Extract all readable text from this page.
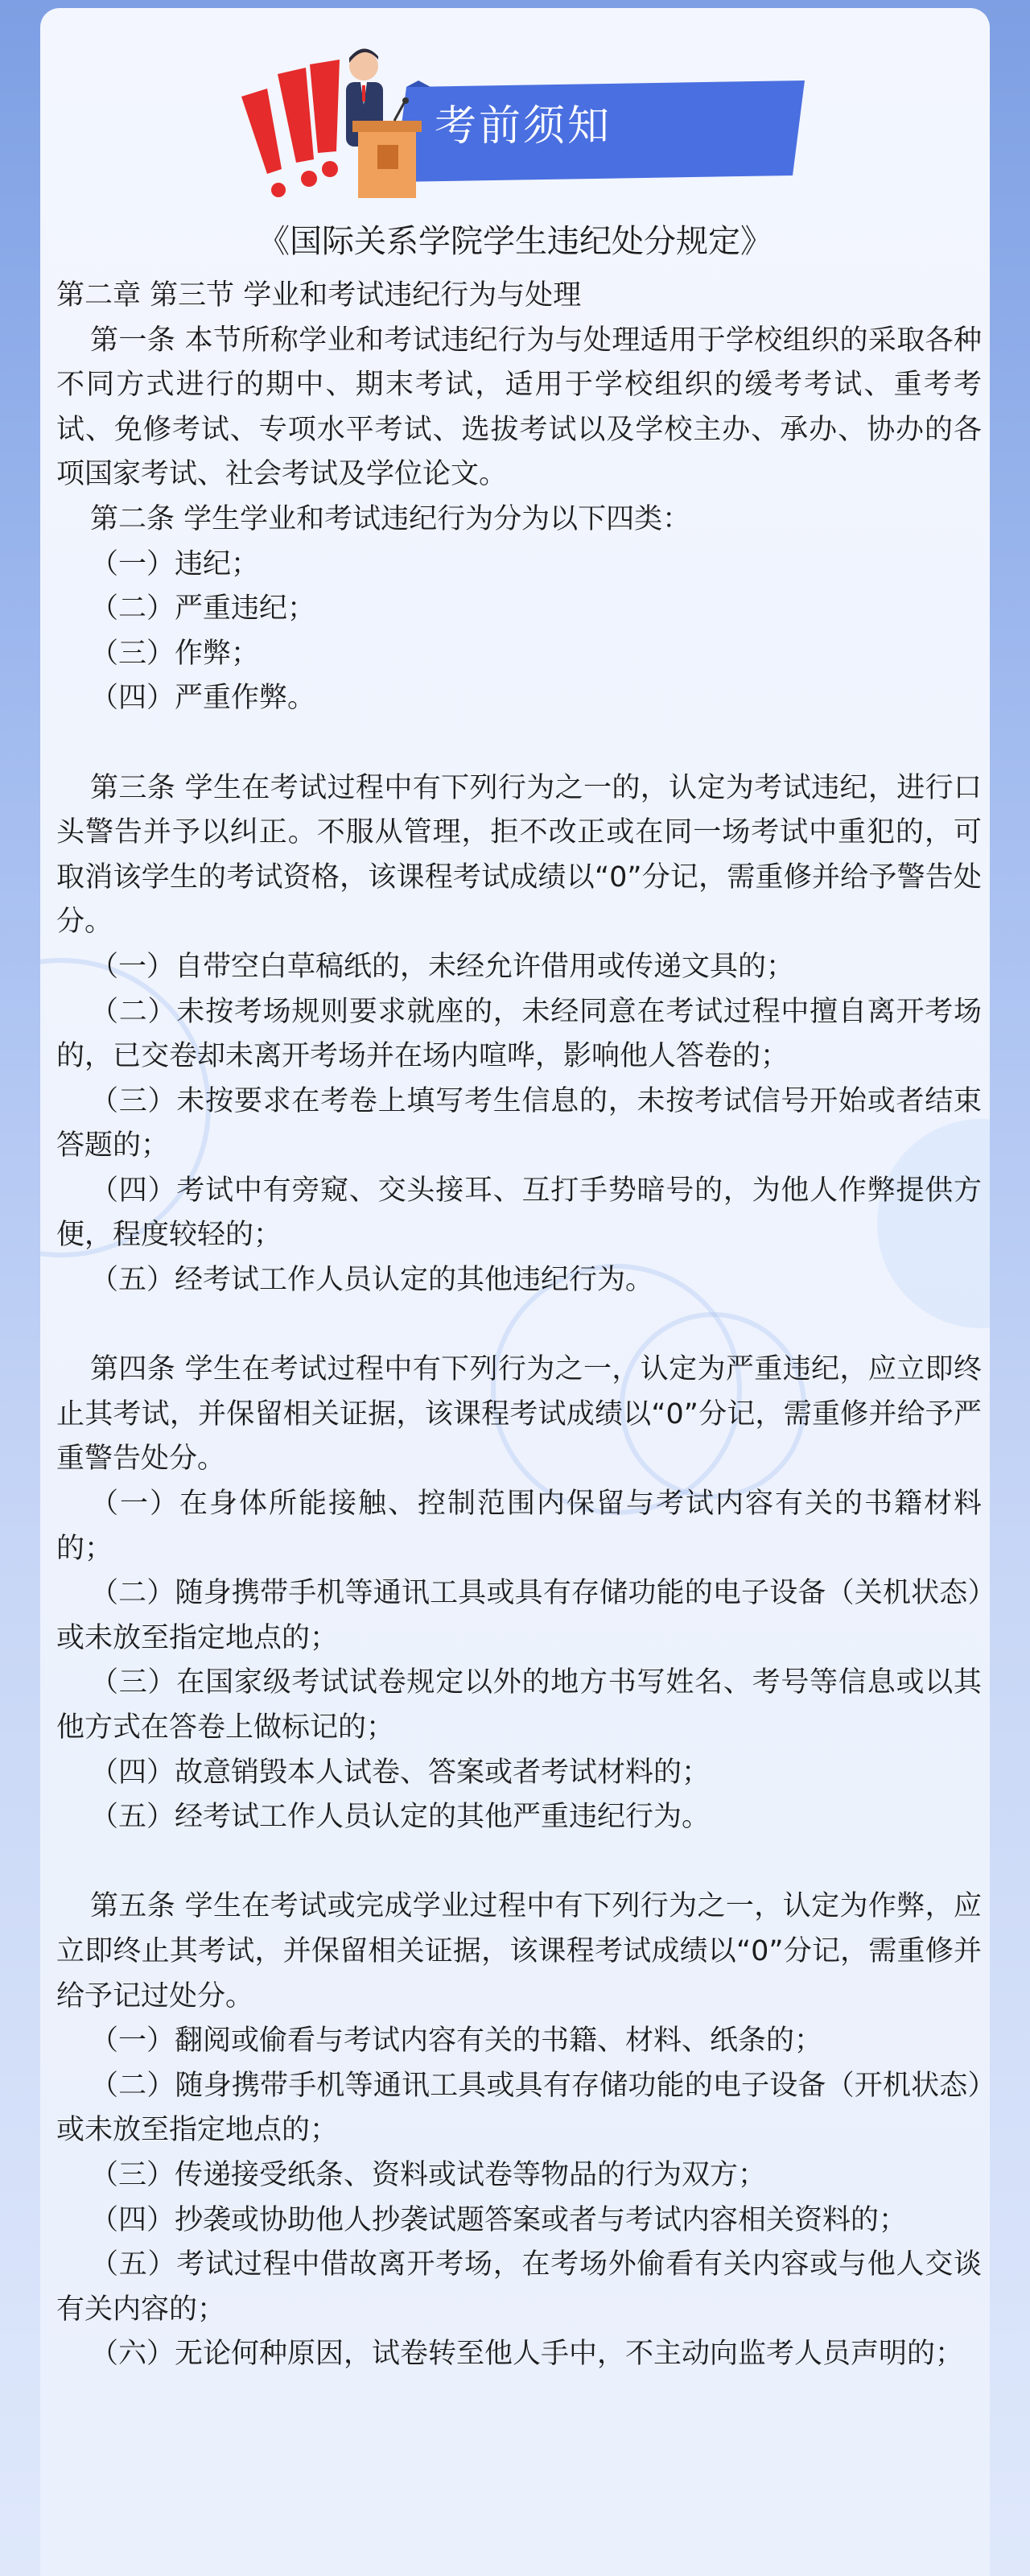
考前须知
《国际关系学院学生违纪处分规定》

第二章 第三节 学业和考试违纪行为与处理

第一条 本节所称学业和考试违纪行为与处理适用于学校组织的采取各种不同方式进行的期中、期末考试，适用于学校组织的缓考考试、重考考试、免修考试、专项水平考试、选拔考试以及学校主办、承办、协办的各项国家考试、社会考试及学位论文。

第二条 学生学业和考试违纪行为分为以下四类：

（一）违纪；

（二）严重违纪；

（三）作弊；

（四）严重作弊。

第三条 学生在考试过程中有下列行为之一的，认定为考试违纪，进行口头警告并予以纠正。不服从管理，拒不改正或在同一场考试中重犯的，可取消该学生的考试资格，该课程考试成绩以“0”分记，需重修并给予警告处分。

（一）自带空白草稿纸的，未经允许借用或传递文具的；

（二）未按考场规则要求就座的，未经同意在考试过程中擅自离开考场的，已交卷却未离开考场并在场内喧哗，影响他人答卷的；

（三）未按要求在考卷上填写考生信息的，未按考试信号开始或者结束答题的；

（四）考试中有旁窥、交头接耳、互打手势暗号的，为他人作弊提供方便，程度较轻的；

（五）经考试工作人员认定的其他违纪行为。

第四条 学生在考试过程中有下列行为之一，认定为严重违纪，应立即终止其考试，并保留相关证据，该课程考试成绩以“0”分记，需重修并给予严重警告处分。

（一）在身体所能接触、控制范围内保留与考试内容有关的书籍材料的；

（二）随身携带手机等通讯工具或具有存储功能的电子设备（关机状态）或未放至指定地点的；

（三）在国家级考试试卷规定以外的地方书写姓名、考号等信息或以其他方式在答卷上做标记的；

（四）故意销毁本人试卷、答案或者考试材料的；

（五）经考试工作人员认定的其他严重违纪行为。

第五条 学生在考试或完成学业过程中有下列行为之一，认定为作弊，应立即终止其考试，并保留相关证据，该课程考试成绩以“0”分记，需重修并给予记过处分。

（一）翻阅或偷看与考试内容有关的书籍、材料、纸条的；

（二）随身携带手机等通讯工具或具有存储功能的电子设备（开机状态）或未放至指定地点的；

（三）传递接受纸条、资料或试卷等物品的行为双方；

（四）抄袭或协助他人抄袭试题答案或者与考试内容相关资料的；

（五）考试过程中借故离开考场，在考场外偷看有关内容或与他人交谈有关内容的；

（六）无论何种原因，试卷转至他人手中，不主动向监考人员声明的；
